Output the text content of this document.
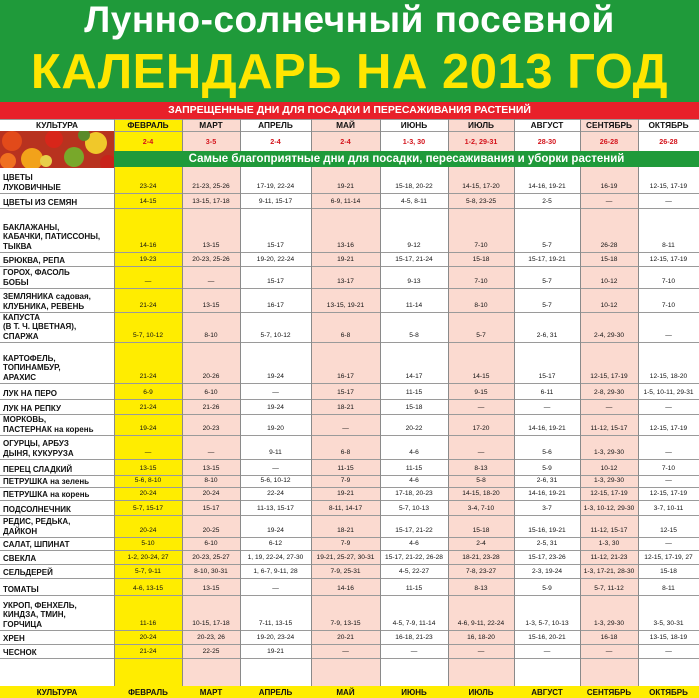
Лунно-солнечный посевной
КАЛЕНДАРЬ НА 2013 ГОД
ЗАПРЕЩЕННЫЕ ДНИ ДЛЯ ПОСАДКИ И ПЕРЕСАЖИВАНИЯ РАСТЕНИЙ
КУЛЬТУРА	ФЕВРАЛЬ	МАРТ	АПРЕЛЬ	МАЙ	ИЮНЬ	ИЮЛЬ	АВГУСТ	СЕНТЯБРЬ	ОКТЯБРЬ
2-4	3-5	2-4	2-4	1-3, 30	1-2, 29-31	28-30	26-28	26-28
Самые благоприятные дни для посадки, пересаживания и уборки растений
ЦВЕТЫ
ЛУКОВИЧНЫЕ	23-24	21-23, 25-26	17-19, 22-24	19-21	15-18, 20-22	14-15, 17-20	14-16, 19-21	16-19	12-15, 17-19
ЦВЕТЫ ИЗ СЕМЯН	14-15	13-15, 17-18	9-11, 15-17	6-9, 11-14	4-5, 8-11	5-8, 23-25	2-5	—	—
БАКЛАЖАНЫ,
КАБАЧКИ, ПАТИССОНЫ,
ТЫКВА	14-16	13-15	15-17	13-16	9-12	7-10	5-7	26-28	8-11
БРЮКВА, РЕПА	19-23	20-23, 25-26	19-20, 22-24	19-21	15-17, 21-24	15-18	15-17, 19-21	15-18	12-15, 17-19
ГОРОХ, ФАСОЛЬ
БОБЫ	—	—	15-17	13-17	9-13	7-10	5-7	10-12	7-10
ЗЕМЛЯНИКА садовая,
КЛУБНИКА, РЕВЕНЬ	21-24	13-15	16-17	13-15, 19-21	11-14	8-10	5-7	10-12	7-10
КАПУСТА
(В Т. Ч. ЦВЕТНАЯ),
СПАРЖА	5-7, 10-12	8-10	5-7, 10-12	6-8	5-8	5-7	2-6, 31	2-4, 29-30	—
КАРТОФЕЛЬ,
ТОПИНАМБУР,
АРАХИС	21-24	20-26	19-24	16-17	14-17	14-15	15-17	12-15, 17-19	12-15, 18-20
ЛУК НА ПЕРО	6-9	6-10	—	15-17	11-15	9-15	6-11	2-8, 29-30	1-5, 10-11, 29-31
ЛУК НА РЕПКУ	21-24	21-26	19-24	18-21	15-18	—	—	—	—
МОРКОВЬ,
ПАСТЕРНАК на корень	19-24	20-23	19-20	—	20-22	17-20	14-16, 19-21	11-12, 15-17	12-15, 17-19
ОГУРЦЫ, АРБУЗ
ДЫНЯ, КУКУРУЗА	—	—	9-11	6-8	4-6	—	5-6	1-3, 29-30	—
ПЕРЕЦ СЛАДКИЙ	13-15	13-15	—	11-15	11-15	8-13	5-9	10-12	7-10
ПЕТРУШКА на зелень	5-6, 8-10	8-10	5-6, 10-12	7-9	4-6	5-8	2-6, 31	1-3, 29-30	—
ПЕТРУШКА на корень	20-24	20-24	22-24	19-21	17-18, 20-23	14-15, 18-20	14-16, 19-21	12-15, 17-19	12-15, 17-19
ПОДСОЛНЕЧНИК	5-7, 15-17	15-17	11-13, 15-17	8-11, 14-17	5-7, 10-13	3-4, 7-10	3-7	1-3, 10-12, 29-30	3-7, 10-11
РЕДИС, РЕДЬКА,
ДАЙКОН	20-24	20-25	19-24	18-21	15-17, 21-22	15-18	15-16, 19-21	11-12, 15-17	12-15
САЛАТ, ШПИНАТ	5-10	6-10	6-12	7-9	4-6	2-4	2-5, 31	1-3, 30	—
СВЕКЛА	1-2, 20-24, 27	20-23, 25-27	1, 19, 22-24, 27-30	19-21, 25-27, 30-31	15-17, 21-22, 26-28	18-21, 23-28	15-17, 23-26	11-12, 21-23	12-15, 17-19, 27
СЕЛЬДЕРЕЙ	5-7, 9-11	8-10, 30-31	1, 6-7, 9-11, 28	7-9, 25-31	4-5, 22-27	7-8, 23-27	2-3, 19-24	1-3, 17-21, 28-30	15-18
ТОМАТЫ	4-6, 13-15	13-15	—	14-16	11-15	8-13	5-9	5-7, 11-12	8-11
УКРОП, ФЕНХЕЛЬ,
КИНДЗА, ТМИН,
ГОРЧИЦА	11-16	10-15, 17-18	7-11, 13-15	7-9, 13-15	4-5, 7-9, 11-14	4-6, 9-11, 22-24	1-3, 5-7, 10-13	1-3, 29-30	3-5, 30-31
ХРЕН	20-24	20-23, 26	19-20, 23-24	20-21	16-18, 21-23	16, 18-20	15-16, 20-21	16-18	13-15, 18-19
ЧЕСНОК	21-24	22-25	19-21	—	—	—	—	—	—
КУЛЬТУРА	ФЕВРАЛЬ	МАРТ	АПРЕЛЬ	МАЙ	ИЮНЬ	ИЮЛЬ	АВГУСТ	СЕНТЯБРЬ	ОКТЯБРЬ
